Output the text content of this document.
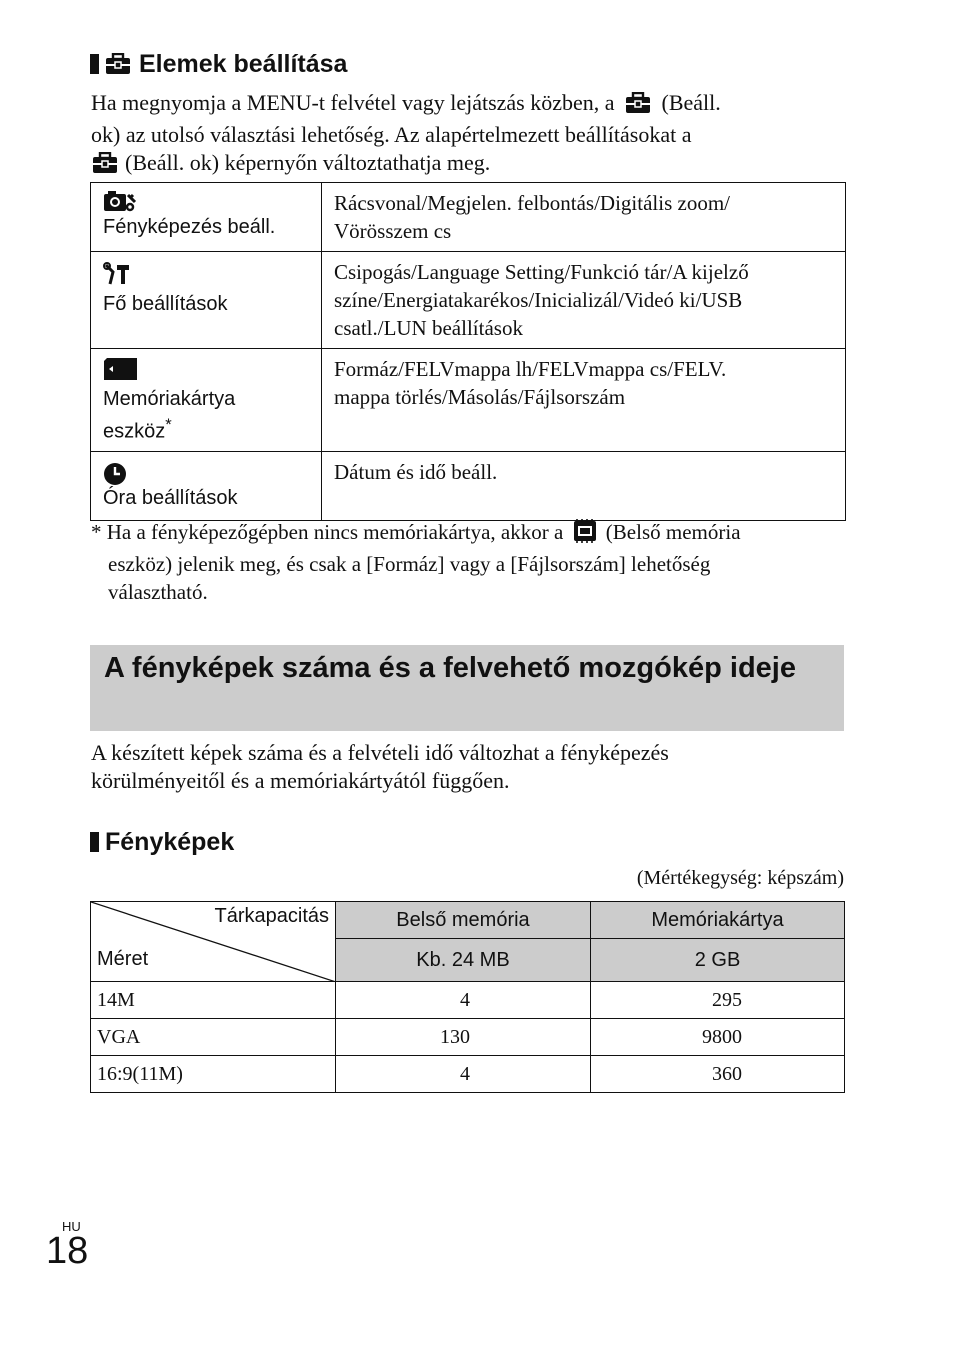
Elemek beállítása
Ha megnyomja a MENU-t felvétel vagy lejátszás közben, a (Beáll.
ok) az utolsó választási lehetőség. Az alapértelmezett beállításokat a
(Beáll. ok) képernyőn változtathatja meg.
Fényképezés beáll.	Rácsvonal/Megjelen. felbontás/Digitális zoom/
Vörösszem cs

Fő beállítások	Csipogás/Language Setting/Funkció tár/A kijelző
színe/Energiatakarékos/Inicializál/Videó ki/USB
csatl./LUN beállítások

Memóriakártya eszköz*	Formáz/FELVmappa lh/FELVmappa cs/FELV.
mappa törlés/Másolás/Fájlsorszám

Óra beállítások	Dátum és idő beáll.
* Ha a fényképezőgépben nincs memóriakártya, akkor a (Belső memória
eszköz) jelenik meg, és csak a [Formáz] vagy a [Fájlsorszám] lehetőség
választható.
A fényképek száma és a felvehető mozgókép ideje
A készített képek száma és a felvételi idő változhat a fényképezés
körülményeitől és a memóriakártyától függően.
Fényképek
(Mértékegység: képszám)
Tárkapacitás
Méret	Belső memória	Memóriakártya
	Kb. 24 MB	2 GB
14M	4	295
VGA	130	9800
16:9(11M)	4	360
HU
18
